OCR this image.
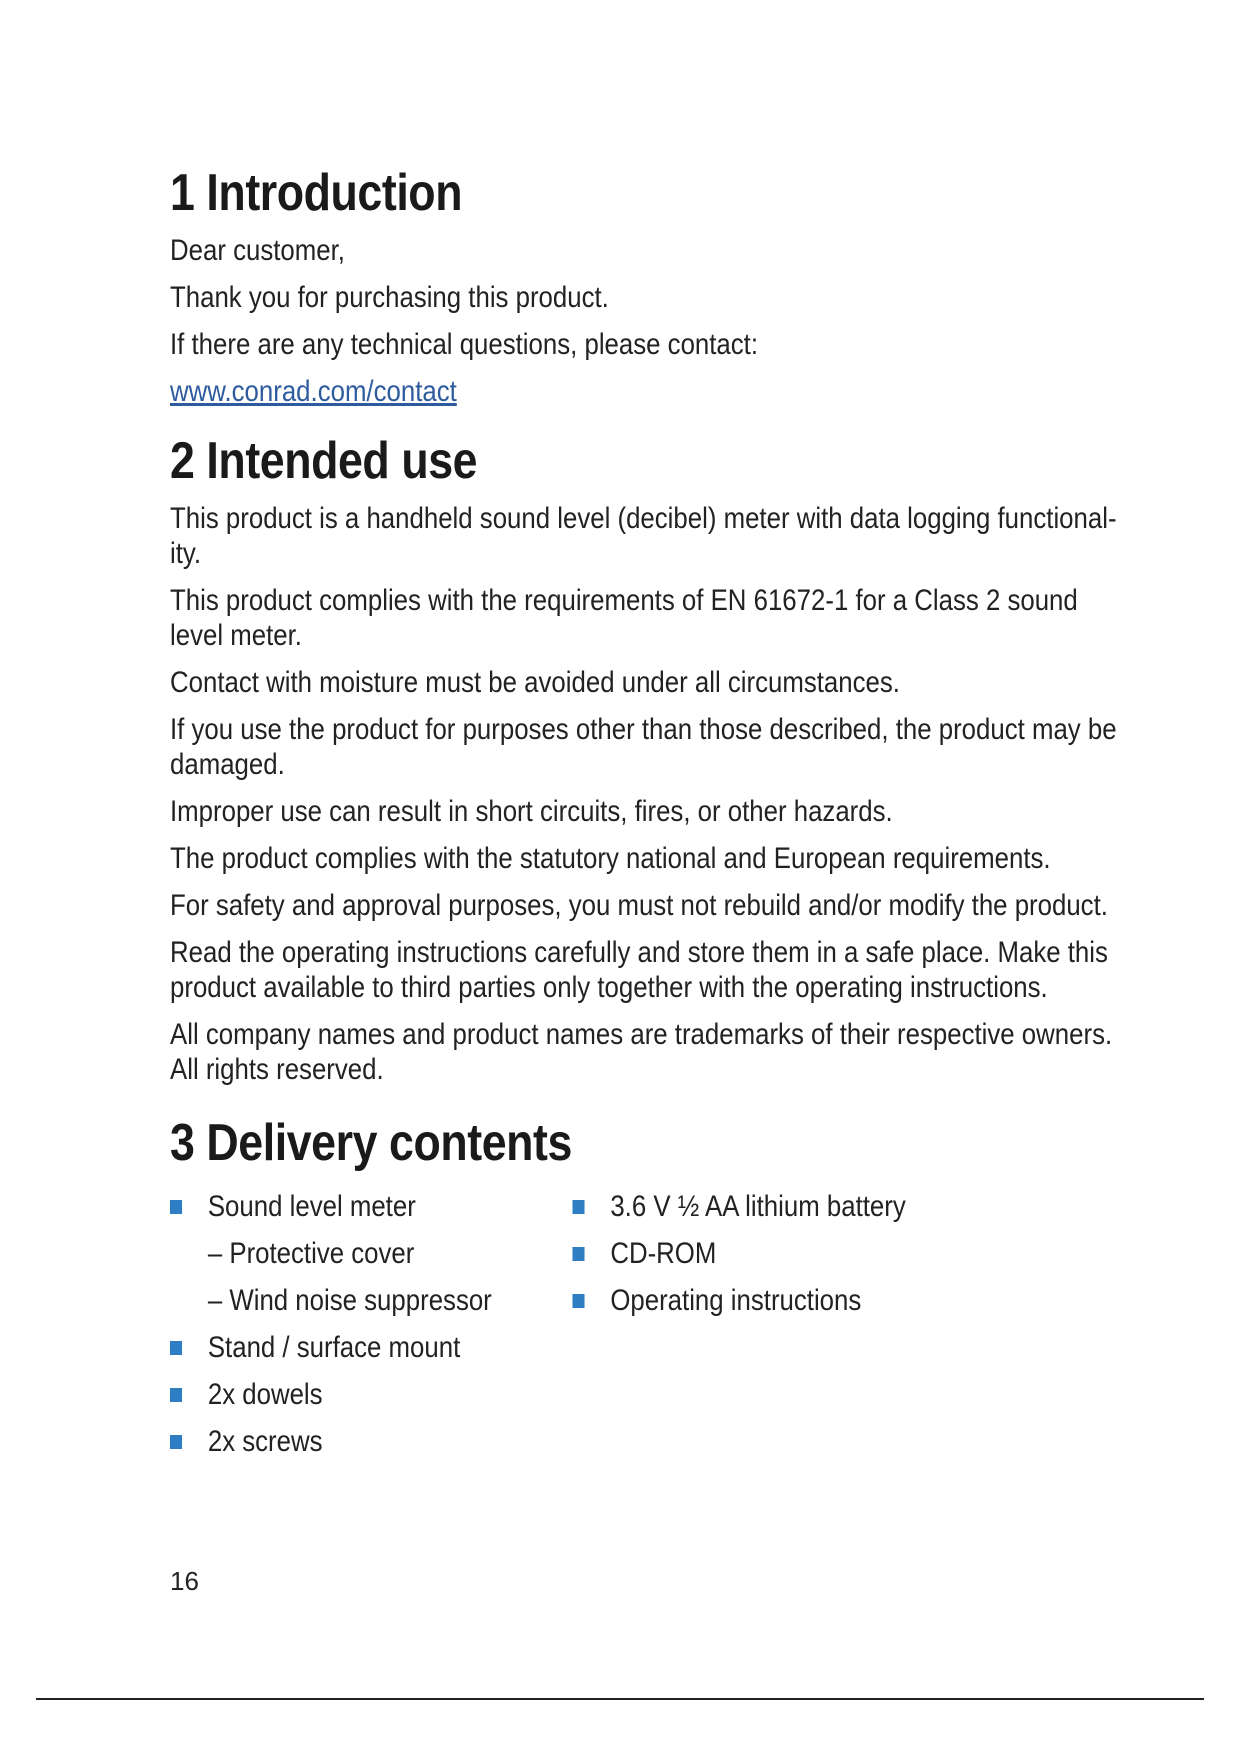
1 Introduction

Dear customer,

Thank you for purchasing this product.

If there are any technical questions, please contact:

www.conrad.com/contact

2 Intended use

This product is a handheld sound level (decibel) meter with data logging functional-ity.

This product complies with the requirements of EN 61672-1 for a Class 2 sound level meter.

Contact with moisture must be avoided under all circumstances.

If you use the product for purposes other than those described, the product may be damaged.

Improper use can result in short circuits, fires, or other hazards.

The product complies with the statutory national and European requirements.

For safety and approval purposes, you must not rebuild and/or modify the product.

Read the operating instructions carefully and store them in a safe place. Make this product available to third parties only together with the operating instructions.

All company names and product names are trademarks of their respective owners. All rights reserved.

3 Delivery contents
Sound level meter
– Protective cover
– Wind noise suppressor
Stand / surface mount
2x dowels
2x screws
3.6 V ½ AA lithium battery
CD-ROM
Operating instructions
16
